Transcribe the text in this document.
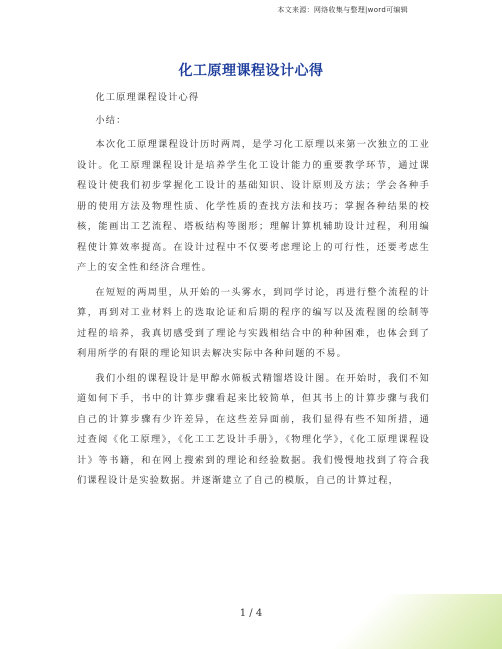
本文来源：网络收集与整理|word可编辑
化工原理课程设计心得

化工原理课程设计心得

小结：

本次化工原理课程设计历时两周，是学习化工原理以来第一次独立的工业设计。化工原理课程设计是培养学生化工设计能力的重要教学环节，通过课程设计使我们初步掌握化工设计的基础知识、设计原则及方法；学会各种手册的使用方法及物理性质、化学性质的查找方法和技巧；掌握各种结果的校核，能画出工艺流程、塔板结构等图形；理解计算机辅助设计过程，利用编程使计算效率提高。在设计过程中不仅要考虑理论上的可行性，还要考虑生产上的安全性和经济合理性。

在短短的两周里，从开始的一头雾水，到同学讨论，再进行整个流程的计算，再到对工业材料上的选取论证和后期的程序的编写以及流程图的绘制等过程的培养，我真切感受到了理论与实践相结合中的种种困难，也体会到了利用所学的有限的理论知识去解决实际中各种问题的不易。

我们小组的课程设计是甲醇水筛板式精馏塔设计图。在开始时，我们不知道如何下手，书中的计算步骤看起来比较简单，但其书上的计算步骤与我们自己的计算步骤有少许差异，在这些差异面前，我们显得有些不知所措，通过查阅《化工原理》，《化工工艺设计手册》，《物理化学》，《化工原理课程设计》等书籍，和在网上搜索到的理论和经验数据。我们慢慢地找到了符合我们课程设计是实验数据。并逐渐建立了自己的模版，自己的计算过程，

1 / 4
